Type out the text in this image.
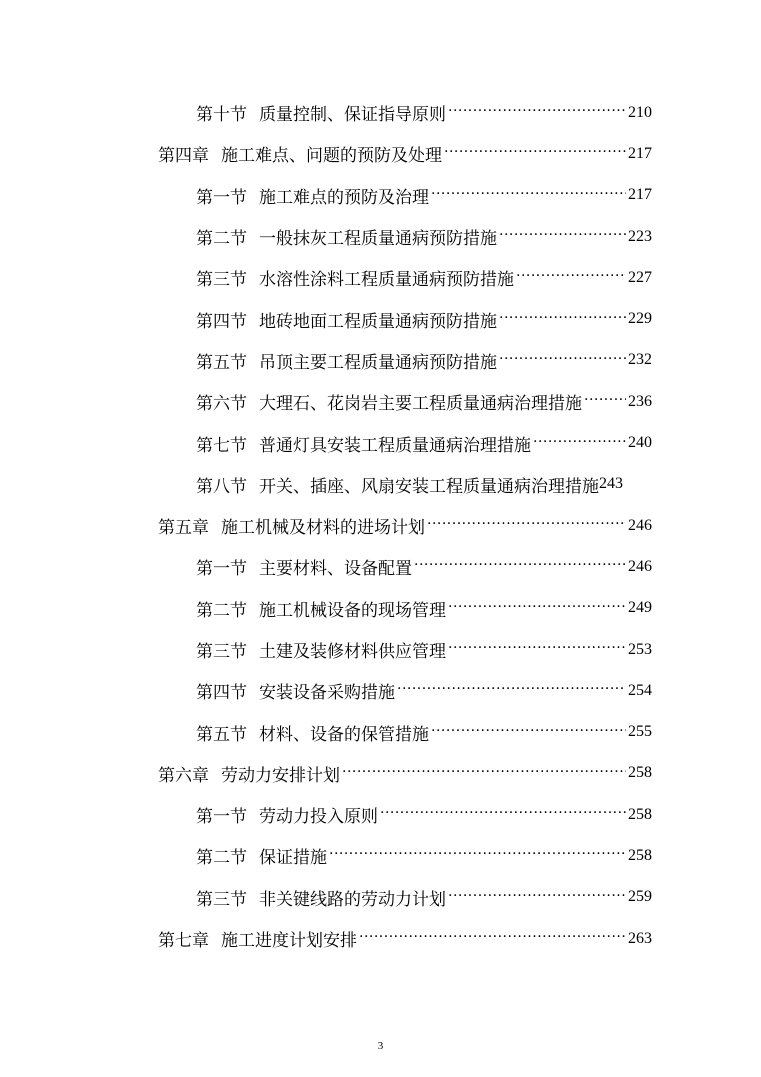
第十节 质量控制、保证指导原则 .....	210
第四章 施工难点、问题的预防及处理 .....	217
第一节 施工难点的预防及治理 .....	217
第二节 一般抹灰工程质量通病预防措施 .....	223
第三节 水溶性涂料工程质量通病预防措施 .....	227
第四节 地砖地面工程质量通病预防措施 .....	229
第五节 吊顶主要工程质量通病预防措施 .....	232
第六节 大理石、花岗岩主要工程质量通病治理措施 .....	236
第七节 普通灯具安装工程质量通病治理措施 .....	240
第八节 开关、插座、风扇安装工程质量通病治理措施 243
第五章 施工机械及材料的进场计划 .....	246
第一节 主要材料、设备配置 .....	246
第二节 施工机械设备的现场管理 .....	249
第三节 土建及装修材料供应管理 .....	253
第四节 安装设备采购措施 .....	254
第五节 材料、设备的保管措施 .....	255
第六章 劳动力安排计划 .....	258
第一节 劳动力投入原则 .....	258
第二节 保证措施 .....	258
第三节 非关键线路的劳动力计划 .....	259
第七章 施工进度计划安排 .....	263
3
